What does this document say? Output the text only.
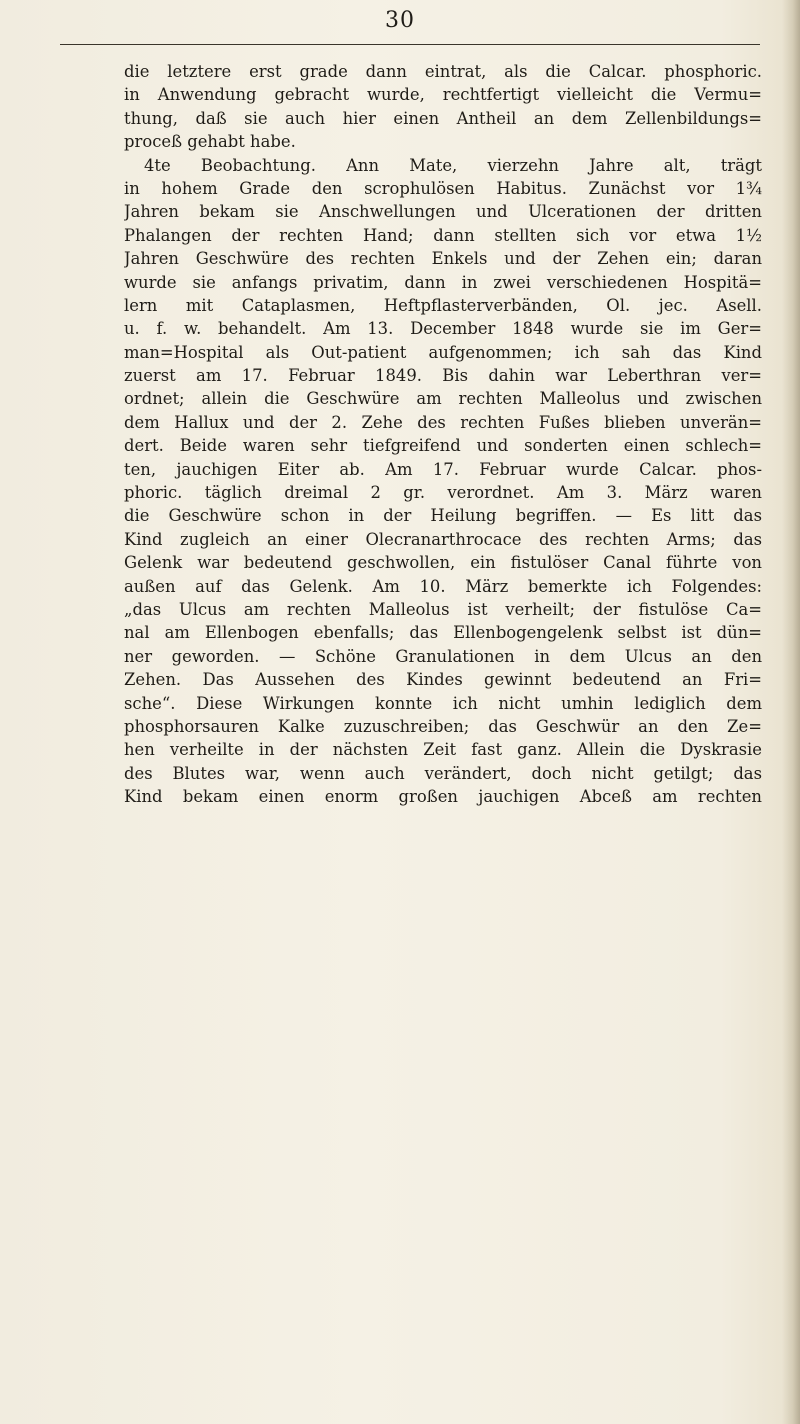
30
die letztere erst grade dann eintrat, als die Calcar. phosphoric.
in Anwendung gebracht wurde, rechtfertigt vielleicht die Vermu=
thung, daß sie auch hier einen Antheil an dem Zellenbildungs=
proceß gehabt habe.
4te Beobachtung. Ann Mate, vierzehn Jahre alt, trägt
in hohem Grade den scrophulösen Habitus. Zunächst vor 1¾
Jahren bekam sie Anschwellungen und Ulcerationen der dritten
Phalangen der rechten Hand; dann stellten sich vor etwa 1½
Jahren Geschwüre des rechten Enkels und der Zehen ein; daran
wurde sie anfangs privatim, dann in zwei verschiedenen Hospitä=
lern mit Cataplasmen, Heftpflasterverbänden, Ol. jec. Asell.
u. f. w. behandelt. Am 13. December 1848 wurde sie im Ger=
man=Hospital als Out-patient aufgenommen; ich sah das Kind
zuerst am 17. Februar 1849. Bis dahin war Leberthran ver=
ordnet; allein die Geschwüre am rechten Malleolus und zwischen
dem Hallux und der 2. Zehe des rechten Fußes blieben unverän=
dert. Beide waren sehr tiefgreifend und sonderten einen schlech=
ten, jauchigen Eiter ab. Am 17. Februar wurde Calcar. phos-
phoric. täglich dreimal 2 gr. verordnet. Am 3. März waren
die Geschwüre schon in der Heilung begriffen. — Es litt das
Kind zugleich an einer Olecranarthrocace des rechten Arms; das
Gelenk war bedeutend geschwollen, ein fistulöser Canal führte von
außen auf das Gelenk. Am 10. März bemerkte ich Folgendes:
„das Ulcus am rechten Malleolus ist verheilt; der fistulöse Ca=
nal am Ellenbogen ebenfalls; das Ellenbogengelenk selbst ist dün=
ner geworden. — Schöne Granulationen in dem Ulcus an den
Zehen. Das Aussehen des Kindes gewinnt bedeutend an Fri=
sche“. Diese Wirkungen konnte ich nicht umhin lediglich dem
phosphorsauren Kalke zuzuschreiben; das Geschwür an den Ze=
hen verheilte in der nächsten Zeit fast ganz. Allein die Dyskrasie
des Blutes war, wenn auch verändert, doch nicht getilgt; das
Kind bekam einen enorm großen jauchigen Abceß am rechten
